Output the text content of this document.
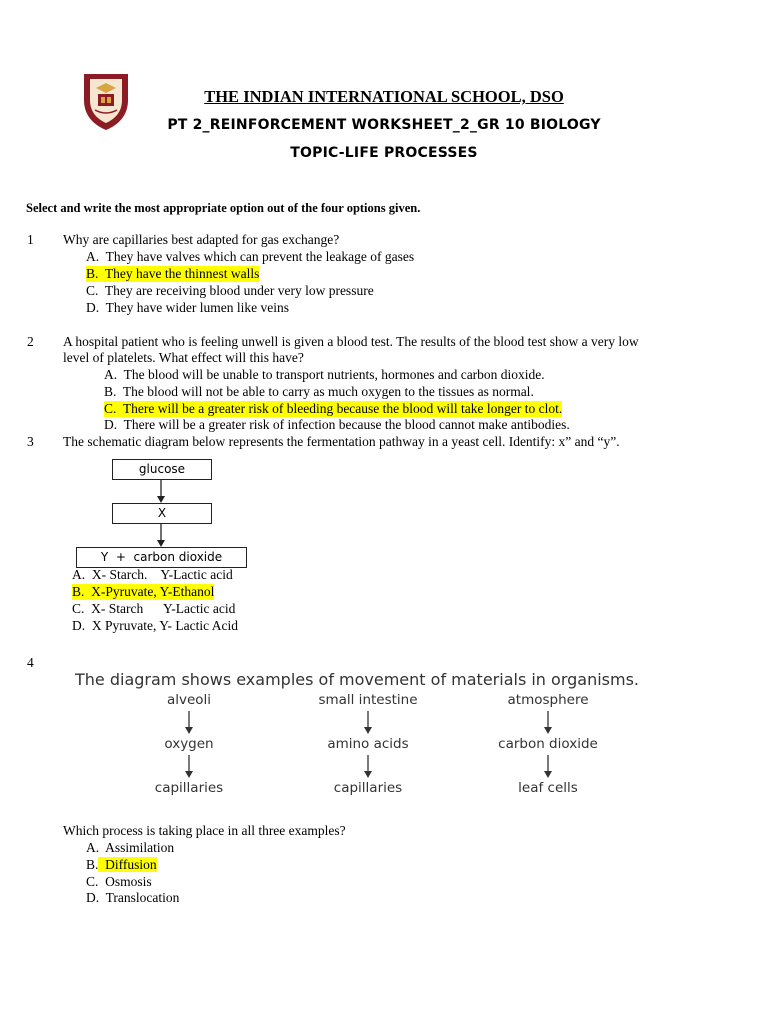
THE INDIAN INTERNATIONAL SCHOOL, DSO
PT 2_REINFORCEMENT WORKSHEET_2_GR 10 BIOLOGY
TOPIC-LIFE PROCESSES
Select and write the most appropriate option out of the four options given.
1 Why are capillaries best adapted for gas exchange?
A. They have valves which can prevent the leakage of gases
B. They have the thinnest walls
C. They are receiving blood under very low pressure
D. They have wider lumen like veins
2 A hospital patient who is feeling unwell is given a blood test. The results of the blood test show a very low
level of platelets. What effect will this have?
A. The blood will be unable to transport nutrients, hormones and carbon dioxide.
B. The blood will not be able to carry as much oxygen to the tissues as normal.
C. There will be a greater risk of bleeding because the blood will take longer to clot.
D. There will be a greater risk of infection because the blood cannot make antibodies.
3 The schematic diagram below represents the fermentation pathway in a yeast cell. Identify: x” and “y”.
glucose
X
Y  +  carbon dioxide
A. X- Starch.    Y-Lactic acid
B. X-Pyruvate, Y-Ethanol
C. X- Starch      Y-Lactic acid
D. X Pyruvate, Y- Lactic Acid
4
The diagram shows examples of movement of materials in organisms.
alveoli
oxygen
capillaries
small intestine
amino acids
capillaries
atmosphere
carbon dioxide
leaf cells
Which process is taking place in all three examples?
A. Assimilation
B. Diffusion
C. Osmosis
D. Translocation
